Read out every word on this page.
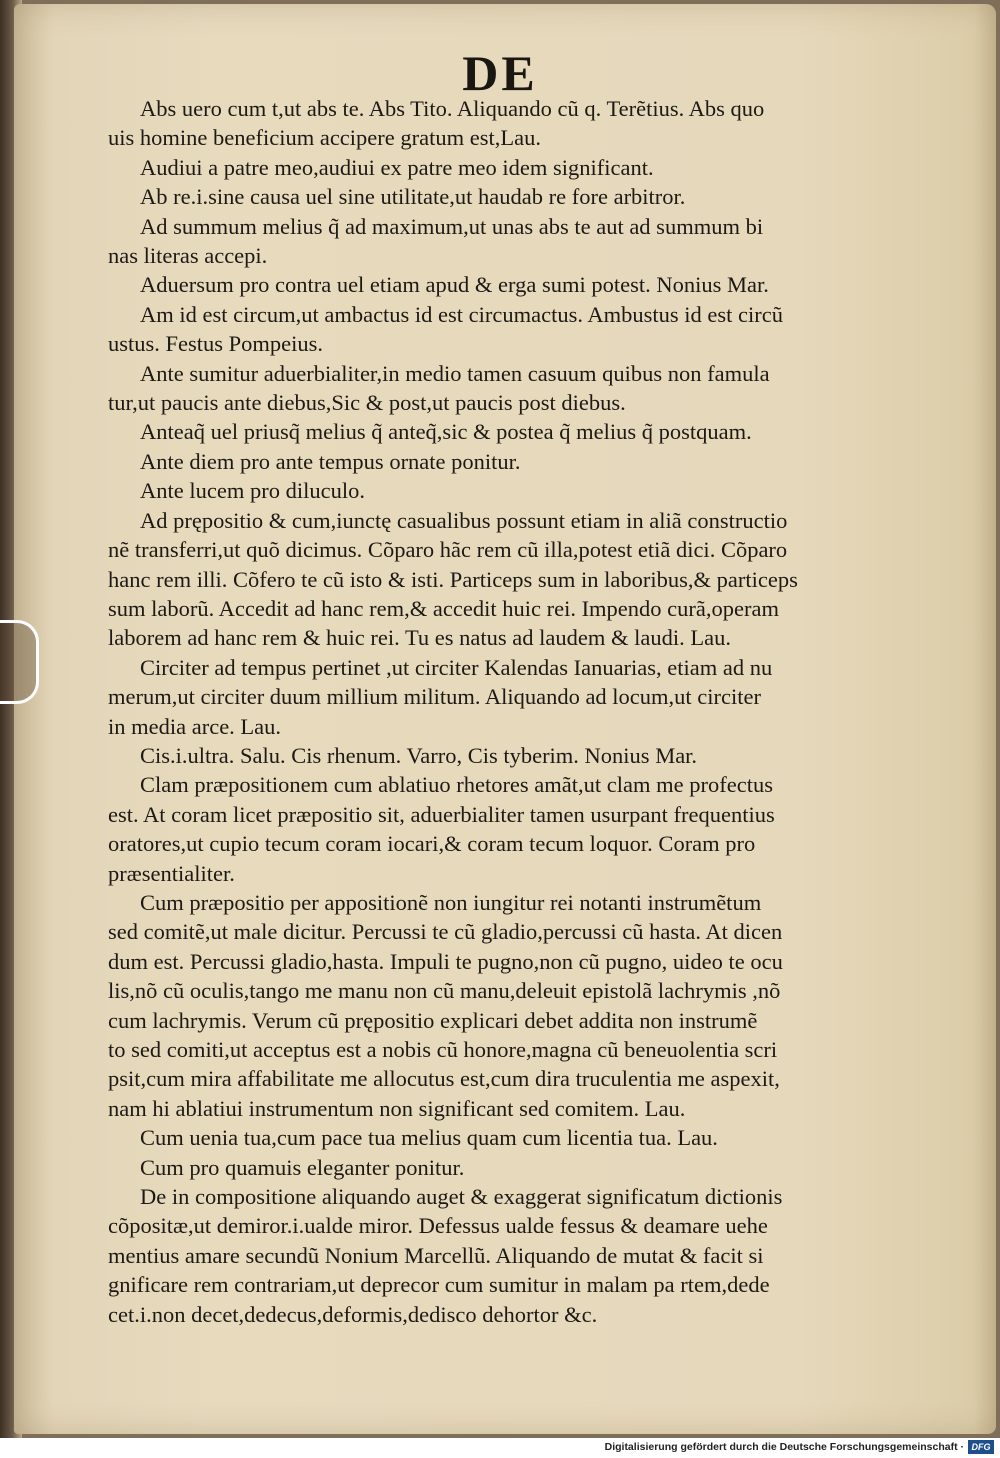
DE

Abs uero cum t,ut abs te. Abs Tito. Aliquando cũ q. Terẽtius. Abs quo
uis homine beneficium accipere gratum est,Lau.

Audiui a patre meo,audiui ex patre meo idem significant.

Ab re.i.sine causa uel sine utilitate,ut haudab re fore arbitror.

Ad summum melius q̃ ad maximum,ut unas abs te aut ad summum bi
nas literas accepi.

Aduersum pro contra uel etiam apud & erga sumi potest. Nonius Mar.

Am id est circum,ut ambactus id est circumactus. Ambustus id est circũ
ustus. Festus Pompeius.

Ante sumitur aduerbialiter,in medio tamen casuum quibus non famula
tur,ut paucis ante diebus,Sic & post,ut paucis post diebus.

Anteaq̃ uel priusq̃ melius q̃ anteq̃,sic & postea q̃ melius q̃ postquam.

Ante diem pro ante tempus ornate ponitur.

Ante lucem pro diluculo.

Ad prępositio & cum,iunctę casualibus possunt etiam in aliã constructio
nẽ transferri,ut quõ dicimus. Cõparo hãc rem cũ illa,potest etiã dici. Cõparo
hanc rem illi. Cõfero te cũ isto & isti. Particeps sum in laboribus,& particeps
sum laborũ. Accedit ad hanc rem,& accedit huic rei. Impendo curã,operam
laborem ad hanc rem & huic rei. Tu es natus ad laudem & laudi. Lau.

Circiter ad tempus pertinet ,ut circiter Kalendas Ianuarias, etiam ad nu
merum,ut circiter duum millium militum. Aliquando ad locum,ut circiter
in media arce. Lau.

Cis.i.ultra. Salu. Cis rhenum. Varro, Cis tyberim. Nonius Mar.

Clam præpositionem cum ablatiuo rhetores amãt,ut clam me profectus
est. At coram licet præpositio sit, aduerbialiter tamen usurpant frequentius
oratores,ut cupio tecum coram iocari,& coram tecum loquor. Coram pro
præsentialiter.

Cum præpositio per appositionẽ non iungitur rei notanti instrumẽtum
sed comitẽ,ut male dicitur. Percussi te cũ gladio,percussi cũ hasta. At dicen
dum est. Percussi gladio,hasta. Impuli te pugno,non cũ pugno, uideo te ocu
lis,nõ cũ oculis,tango me manu non cũ manu,deleuit epistolã lachrymis ,nõ
cum lachrymis. Verum cũ prępositio explicari debet addita non instrumẽ
to sed comiti,ut acceptus est a nobis cũ honore,magna cũ beneuolentia scri
psit,cum mira affabilitate me allocutus est,cum dira truculentia me aspexit,
nam hi ablatiui instrumentum non significant sed comitem. Lau.

Cum uenia tua,cum pace tua melius quam cum licentia tua. Lau.

Cum pro quamuis eleganter ponitur.

De in compositione aliquando auget & exaggerat significatum dictionis
cõpositæ,ut demiror.i.ualde miror. Defessus ualde fessus & deamare uehe
mentius amare secundũ Nonium Marcellũ. Aliquando de mutat & facit si
gnificare rem contrariam,ut deprecor cum sumitur in malam pa rtem,dede
cet.i.non decet,dedecus,deformis,dedisco dehortor &c.

Digitalisierung gefördert durch die Deutsche Forschungsgemeinschaft · DFG
